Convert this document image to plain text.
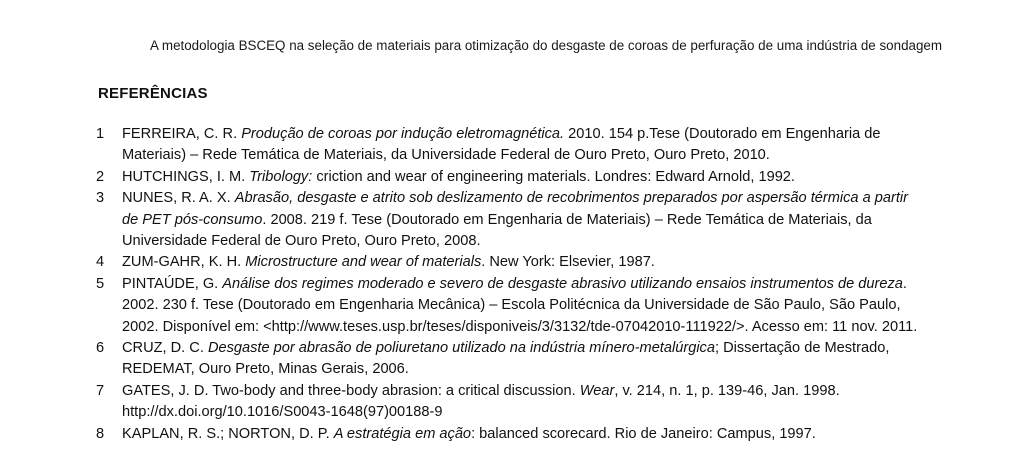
A metodologia BSCEQ na seleção de materiais para otimização do desgaste de coroas de perfuração de uma indústria de sondagem
REFERÊNCIAS
1 FERREIRA, C. R. Produção de coroas por indução eletromagnética. 2010. 154 p.Tese (Doutorado em Engenharia de Materiais) – Rede Temática de Materiais, da Universidade Federal de Ouro Preto, Ouro Preto, 2010.
2 HUTCHINGS, I. M. Tribology: criction and wear of engineering materials. Londres: Edward Arnold, 1992.
3 NUNES, R. A. X. Abrasão, desgaste e atrito sob deslizamento de recobrimentos preparados por aspersão térmica a partir de PET pós-consumo. 2008. 219 f. Tese (Doutorado em Engenharia de Materiais) – Rede Temática de Materiais, da Universidade Federal de Ouro Preto, Ouro Preto, 2008.
4 ZUM-GAHR, K. H. Microstructure and wear of materials. New York: Elsevier, 1987.
5 PINTAÚDE, G. Análise dos regimes moderado e severo de desgaste abrasivo utilizando ensaios instrumentos de dureza. 2002. 230 f. Tese (Doutorado em Engenharia Mecânica) – Escola Politécnica da Universidade de São Paulo, São Paulo, 2002. Disponível em: <http://www.teses.usp.br/teses/disponiveis/3/3132/tde-07042010-111922/>. Acesso em: 11 nov. 2011.
6 CRUZ, D. C. Desgaste por abrasão de poliuretano utilizado na indústria mínero-metalúrgica; Dissertação de Mestrado, REDEMAT, Ouro Preto, Minas Gerais, 2006.
7 GATES, J. D. Two-body and three-body abrasion: a critical discussion. Wear, v. 214, n. 1, p. 139-46, Jan. 1998. http://dx.doi.org/10.1016/S0043-1648(97)00188-9
8 KAPLAN, R. S.; NORTON, D. P. A estratégia em ação: balanced scorecard. Rio de Janeiro: Campus, 1997.
